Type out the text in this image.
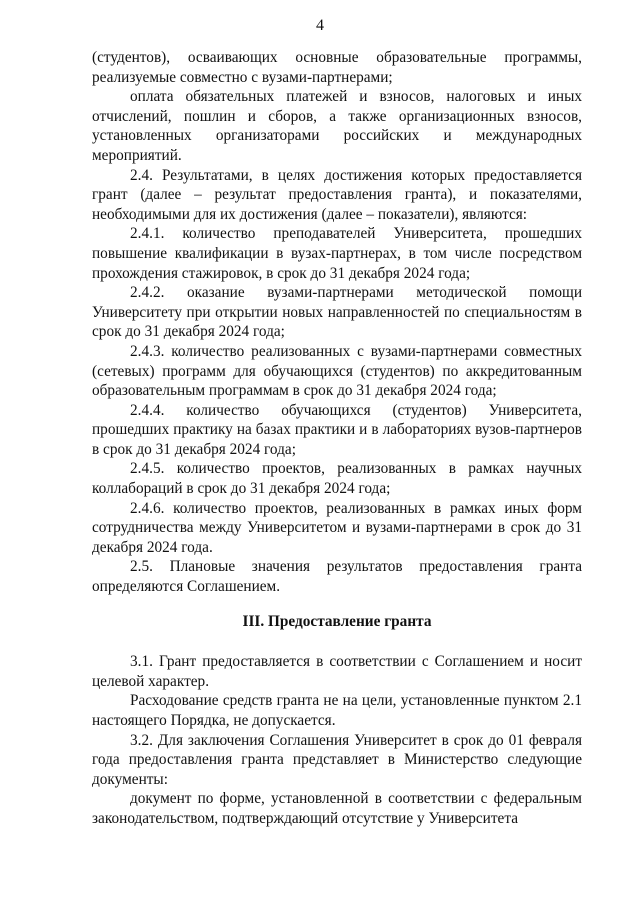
4

(студентов), осваивающих основные образовательные программы, реализуемые совместно с вузами-партнерами;

оплата обязательных платежей и взносов, налоговых и иных отчислений, пошлин и сборов, а также организационных взносов, установленных организаторами российских и международных мероприятий.

2.4. Результатами, в целях достижения которых предоставляется грант (далее – результат предоставления гранта), и показателями, необходимыми для их достижения (далее – показатели), являются:

2.4.1. количество преподавателей Университета, прошедших повышение квалификации в вузах-партнерах, в том числе посредством прохождения стажировок, в срок до 31 декабря 2024 года;

2.4.2. оказание вузами-партнерами методической помощи Университету при открытии новых направленностей по специальностям в срок до 31 декабря 2024 года;

2.4.3. количество реализованных с вузами-партнерами совместных (сетевых) программ для обучающихся (студентов) по аккредитованным образовательным программам в срок до 31 декабря 2024 года;

2.4.4. количество обучающихся (студентов) Университета, прошедших практику на базах практики и в лабораториях вузов-партнеров в срок до 31 декабря 2024 года;

2.4.5. количество проектов, реализованных в рамках научных коллабораций в срок до 31 декабря 2024 года;

2.4.6. количество проектов, реализованных в рамках иных форм сотрудничества между Университетом и вузами-партнерами в срок до 31 декабря 2024 года.

2.5. Плановые значения результатов предоставления гранта определяются Соглашением.

III. Предоставление гранта

3.1. Грант предоставляется в соответствии с Соглашением и носит целевой характер.

Расходование средств гранта не на цели, установленные пунктом 2.1 настоящего Порядка, не допускается.

3.2. Для заключения Соглашения Университет в срок до 01 февраля года предоставления гранта представляет в Министерство следующие документы:

документ по форме, установленной в соответствии с федеральным законодательством, подтверждающий отсутствие у Университета
